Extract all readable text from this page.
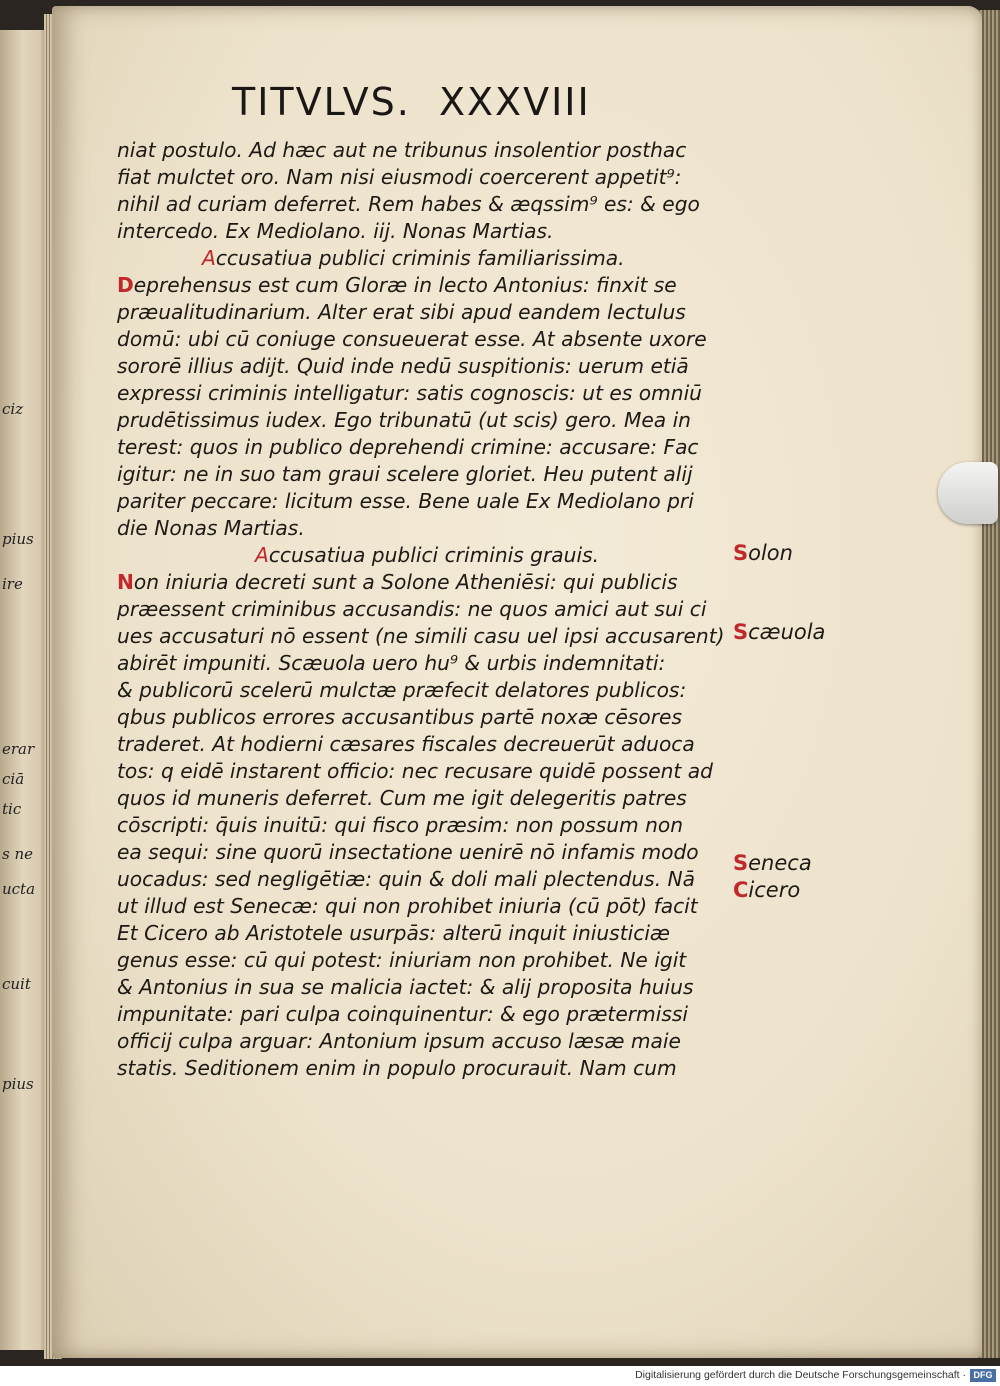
ciz
pius
ire
erar
ciā
tic
s ne
ucta
cuit
pius
TITVLVS.  XXXVIII
niat postulo. Ad hæc aut ne tribunus insolentior posthac
fiat mulctet oro. Nam nisi eiusmodi coercerent appetit⁹:
nihil ad curiam deferret. Rem habes & æqssim⁹ es: & ego
intercedo. Ex Mediolano. iij. Nonas Martias.
Accusatiua publici criminis familiarissima.
Deprehensus est cum Gloræ in lecto Antonius: finxit se
præualitudinarium. Alter erat sibi apud eandem lectulus
domū: ubi cū coniuge consueuerat esse. At absente uxore
sororē illius adijt. Quid inde nedū suspitionis: uerum etiā
expressi criminis intelligatur: satis cognoscis: ut es omniū
prudētissimus iudex. Ego tribunatū (ut scis) gero. Mea in
terest: quos in publico deprehendi crimine: accusare: Fac
igitur: ne in suo tam graui scelere gloriet. Heu putent alij
pariter peccare: licitum esse. Bene uale Ex Mediolano pri
die Nonas Martias.
Accusatiua publici criminis grauis.
Non iniuria decreti sunt a Solone Atheniēsi: qui publicis
præessent criminibus accusandis: ne quos amici aut sui ci
ues accusaturi nō essent (ne simili casu uel ipsi accusarent)
abirēt impuniti. Scæuola uero hu⁹ & urbis indemnitati:
& publicorū scelerū mulctæ præfecit delatores publicos:
qbus publicos errores accusantibus partē noxæ cēsores
traderet. At hodierni cæsares fiscales decreuerūt aduoca
tos: q eidē instarent officio: nec recusare quidē possent ad
quos id muneris deferret. Cum me igit delegeritis patres
cōscripti: q̄uis inuitū: qui fisco præsim: non possum non
ea sequi: sine quorū insectatione uenirē nō infamis modo
uocadus: sed negligētiæ: quin & doli mali plectendus. Nā
ut illud est Senecæ: qui non prohibet iniuria (cū pōt) facit
Et Cicero ab Aristotele usurpās: alterū inquit iniusticiæ
genus esse: cū qui potest: iniuriam non prohibet. Ne igit
& Antonius in sua se malicia iactet: & alij proposita huius
impunitate: pari culpa coinquinentur: & ego prætermissi
officij culpa arguar: Antonium ipsum accuso læsæ maie
statis. Seditionem enim in populo procurauit. Nam cum
Solon
Scæuola
Seneca
Cicero
Digitalisierung gefördert durch die Deutsche Forschungsgemeinschaft · DFG
